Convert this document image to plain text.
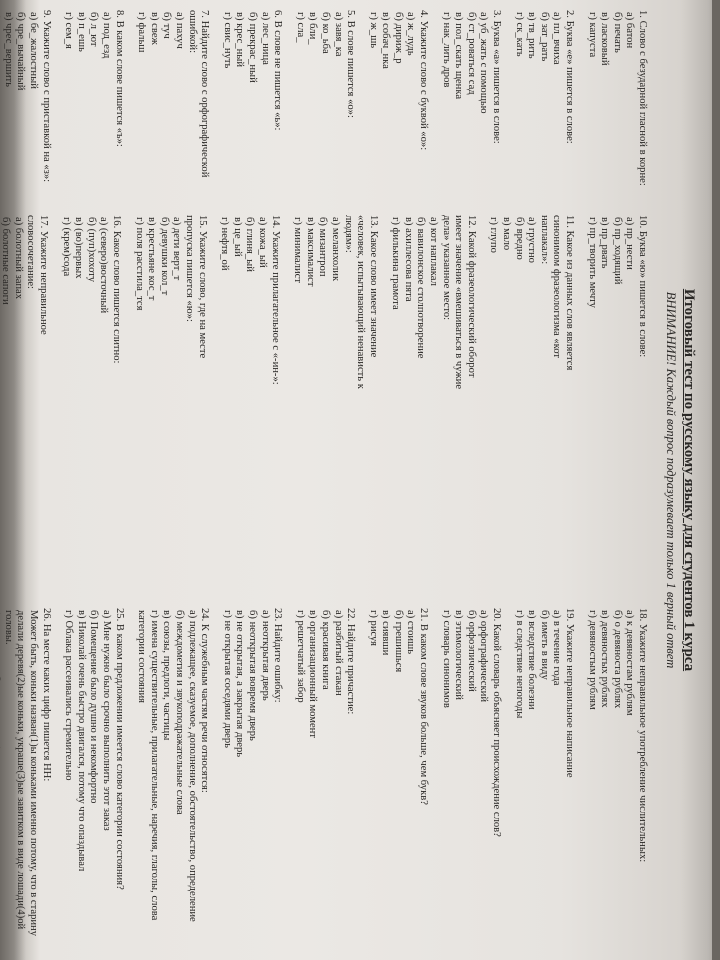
Итоговый тест по русскому языку для студентов 1 курса
ВНИМАНИЕ! Каждый вопрос подразумевает только 1 верный ответ
1. Слово с безударной гласной в корне:
а) батон
б) печать
в) ласковый
г) капуста
2. Буква «е» пишется в слове:
а) пл_вчиха
б) зат_рать
в) тв_рить
г) ск_кать
3. Буква «а» пишется в слове:
а) уб_жать с помощью
б) ст_роваться сад
в) пол_скать щенка
г) нак_лить дров
4. Укажите слово с буквой «о»:
а) ж_лудь
б) дириж_р
в) собач_нка
г) ж_шь
5. В слове пишется «о»:
а) завя_ка
б) ко_ьба
в) бли_
г) сла_
6. В слове не пишется «ь»:
а) лес_ница
б) прекрас_ный
в) крес_ный
г) свис_нуть
7. Найдите слово с орфографической ошибкой:
а) пахуч
б) туч
в) свеж
г) фальш
8. В каком слове пишется «ъ»:
а) под_езд
б) л_ют
в) п_ешь
г) сем_я
9. Укажите слово с приставкой на «з»:
а) бе_жалостный
б) чре_вычайный
в) чрес_вершить
10. Буква «ю» пишется в слове:
а) пр_нести
б) пр_ходящий
в) пр_рвать
г) пр_творить мечту
11. Какое из данных слов является синонимом фразеологизма «кот наплакал»:
а) грустно
б) вредно
в) мало
г) глупо
12. Какой фразеологический оборот имеет значение «вмешиваться в чужие дела» указанное место:
а) кот наплакал
б) вавилонское столпотворение
в) ахиллесова пята
г) филькина грамота
13. Какое слово имеет значение «человек, испытывающий ненависть к людям»:
а) меланхолик
б) мизантроп
в) максималист
г) минималист
14. Укажите прилагательное с «-ин-»:
а) кожа_ый
б) глиня_ый
в) це_ый
г) нефтя_ой
15. Укажите слово, где на месте пропуска пишется «ю»:
а) дети верт_т
б) девушки кол_т
в) крестьяне кос_т
г) поля расстила_тся
16. Какое слово пишется слитно:
а) (северо)восточный
б) (пуп)хохоту
в) (во)первых
г) (крем)сода
17. Укажите неправильное словосочетание:
а) болотный запах
б) болотные сапоги
18. Укажите неправильное употребление числительных:
а) к девяностам рублям
б) о девяноста рублях
в) девяностых рублях
г) девяностым рублям
19. Укажите неправильное написание
а) в течение года
б) иметь в виду
в) вследствие болезни
г) в следствие непогоды
20. Какой словарь объясняет происхождение слов?
а) орфографический
б) орфоэпический
в) этимологический
г) словарь синонимов
21. В каком слове звуков больше, чем букв?
а) стоишь
б) грешишься
в) сиявши
г) рисуя
22. Найдите причастие:
а) разбитый стакан
б) красивая книга
в) организационный момент
г) решетчатый забор
23. Найдите ошибку:
а) неоткрытая дверь
б) неоткрытая вовремя дверь
в) не открытая, а закрытая дверь
г) не открытая соседями дверь
24. К служебным частям речи относятся:
а) подлежащее, сказуемое, дополнение, обстоятельство, определение
б) междометия и звукоподражательные слова
в) союзы, предлоги, частицы
г) имена существительные, прилагательные, наречия, глаголы, слова категории состояния
25. В каком предложении имеется слово категории состояния?
а) Мне нужно было срочно выполнить этот заказ
б) Помещение было душно и некомфортно
в) Николай очень быстро двигался, потому что опаздывал
г) Облака рассеивались стремительно
26. На месте каких цифр пишется НН:
Может быть, коньки назван(1)ы коньками именно потому, что в старину делали деревя(2)ые коньки, украше(3)ые завитком в виде лошади(4)ой головы.
